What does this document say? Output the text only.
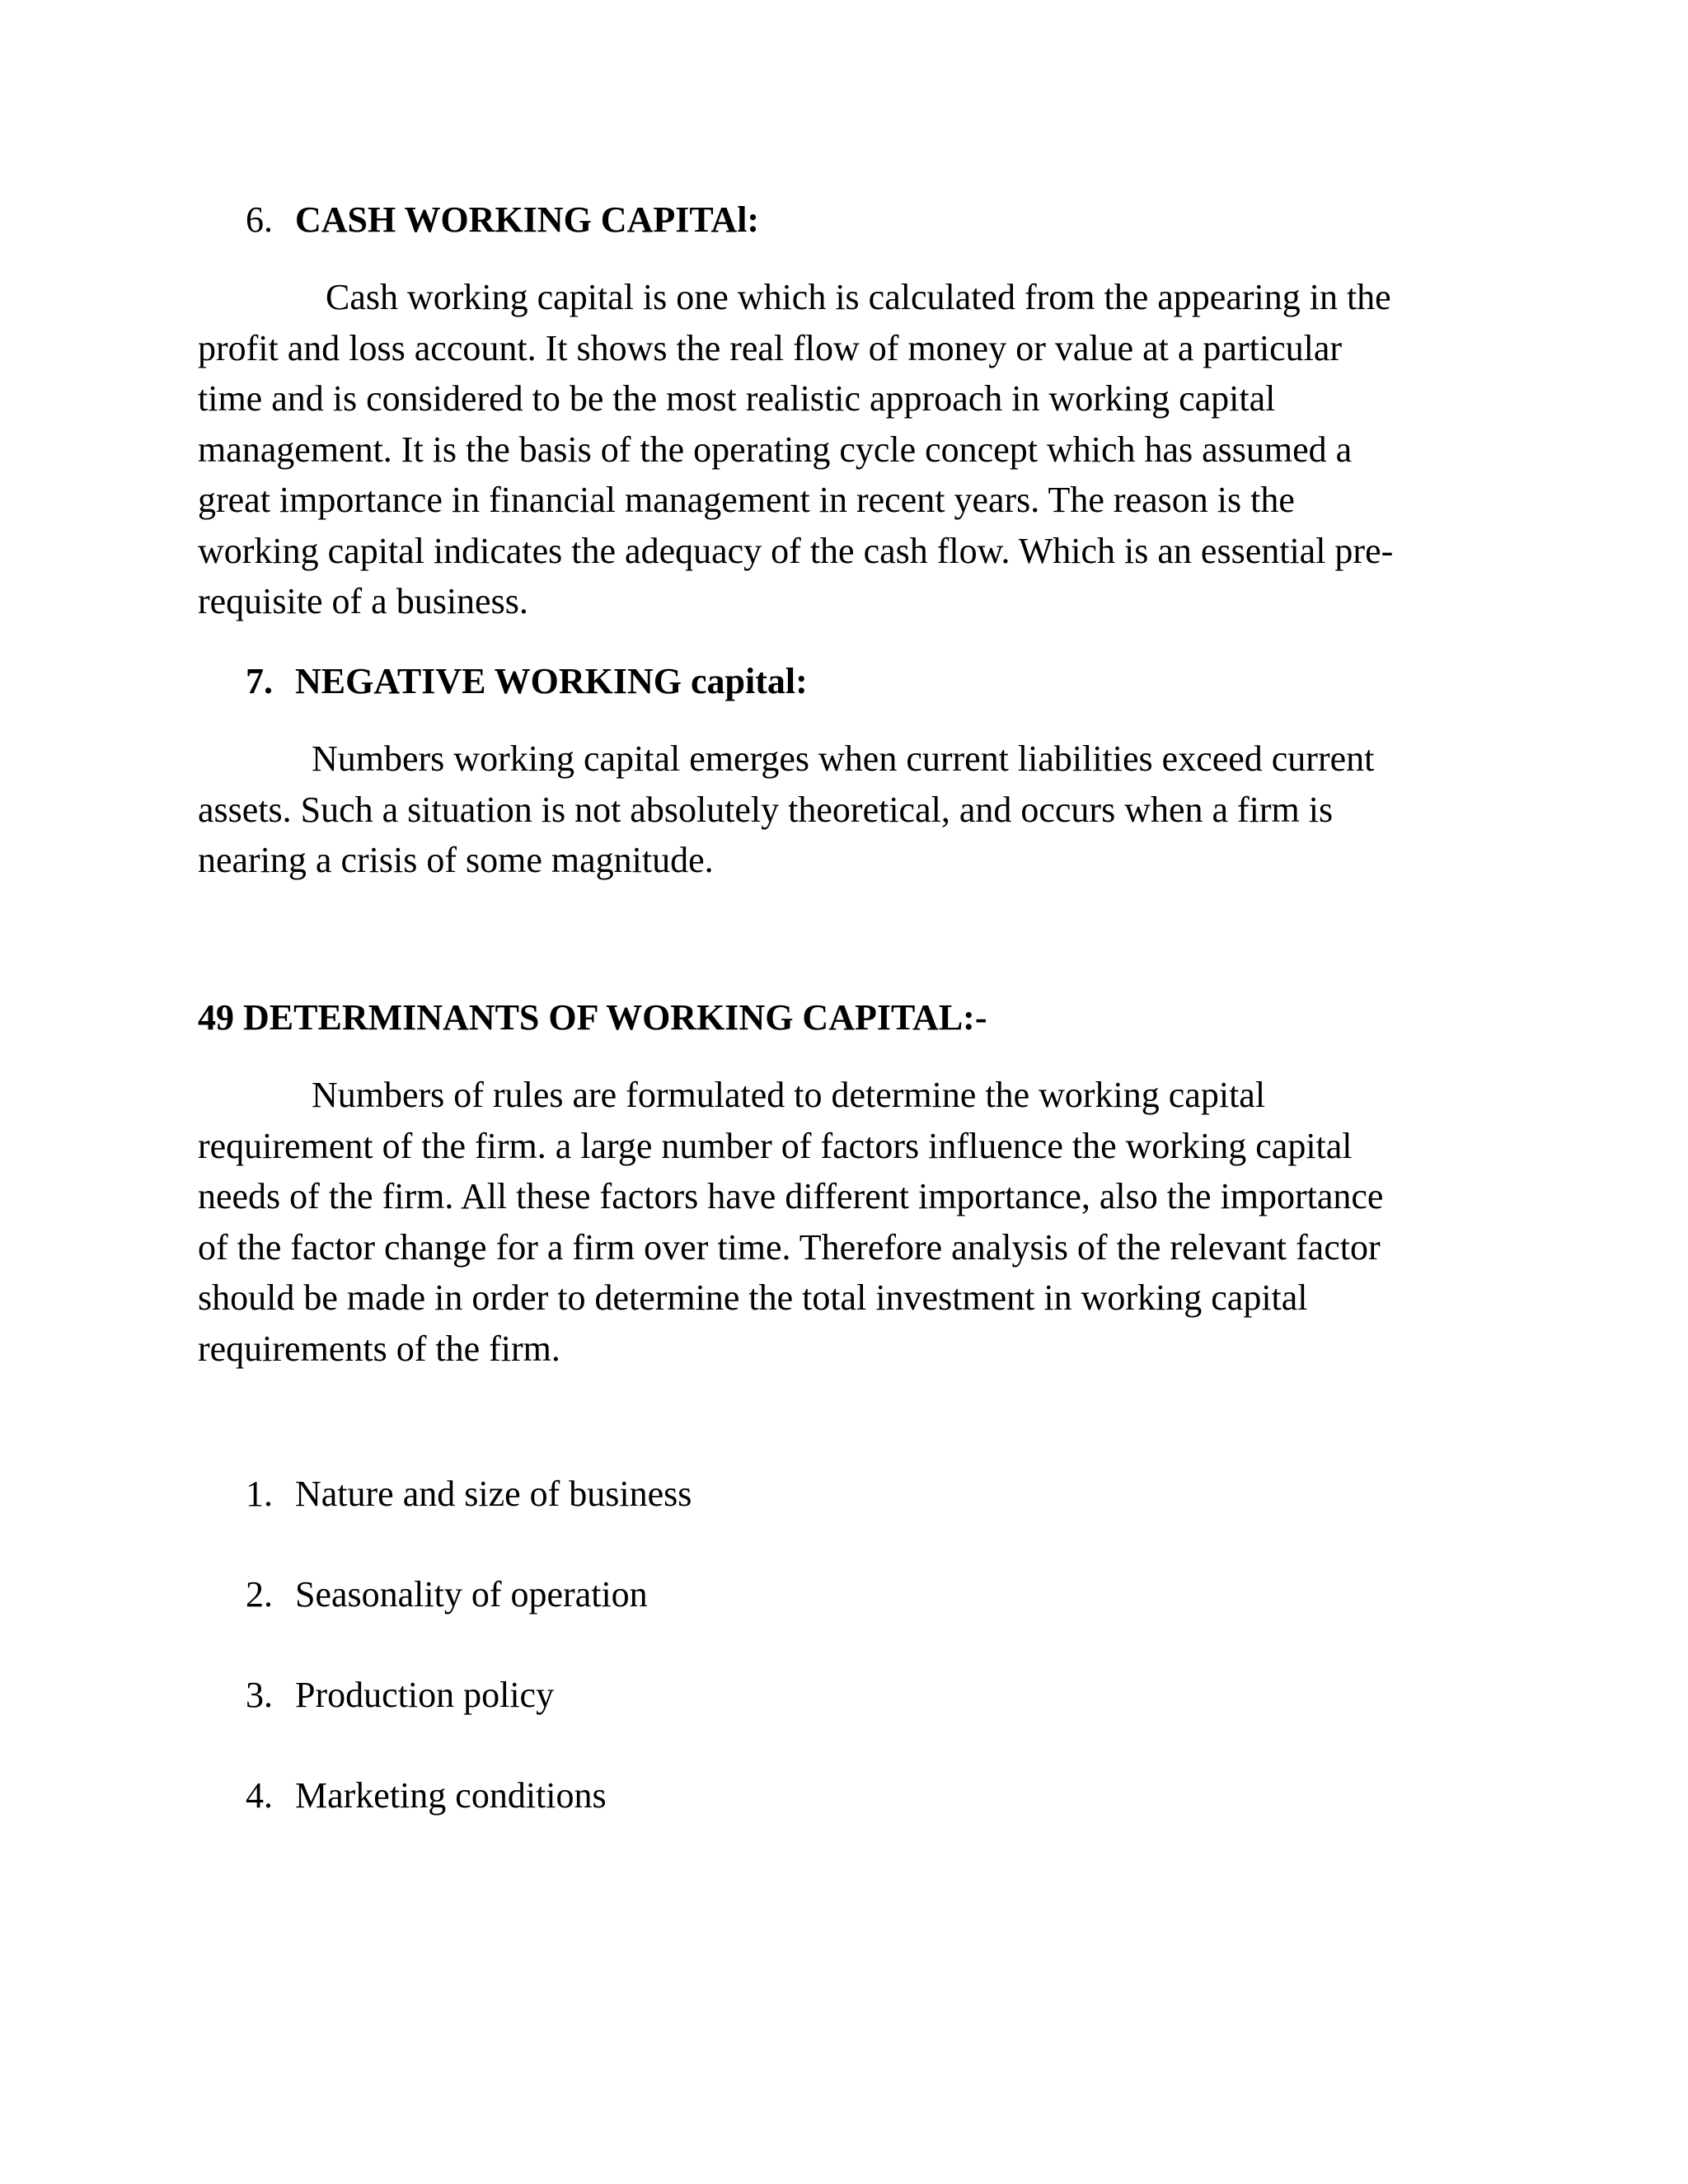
6. CASH WORKING CAPITAl:
Cash working capital is one which is calculated from the appearing in the
profit and loss account. It shows the real flow of money or value at a particular
time and is considered to be the most realistic approach in working capital
management. It is the basis of the operating cycle concept which has assumed a
great importance in financial management in recent years. The reason is the
working capital indicates the adequacy of the cash flow. Which is an essential pre-
requisite of a business.
7. NEGATIVE WORKING capital:
Numbers working capital emerges when current liabilities exceed current
assets. Such a situation is not absolutely theoretical, and occurs when a firm is
nearing a crisis of some magnitude.
49 DETERMINANTS OF WORKING CAPITAL:-
Numbers of rules are formulated to determine the working capital
requirement of the firm. a large number of factors influence the working capital
needs of the firm. All these factors have different importance, also the importance
of the factor change for a firm over time. Therefore analysis of the relevant factor
should be made in order to determine the total investment in working capital
requirements of the firm.
1. Nature and size of business
2. Seasonality of operation
3. Production policy
4. Marketing conditions
